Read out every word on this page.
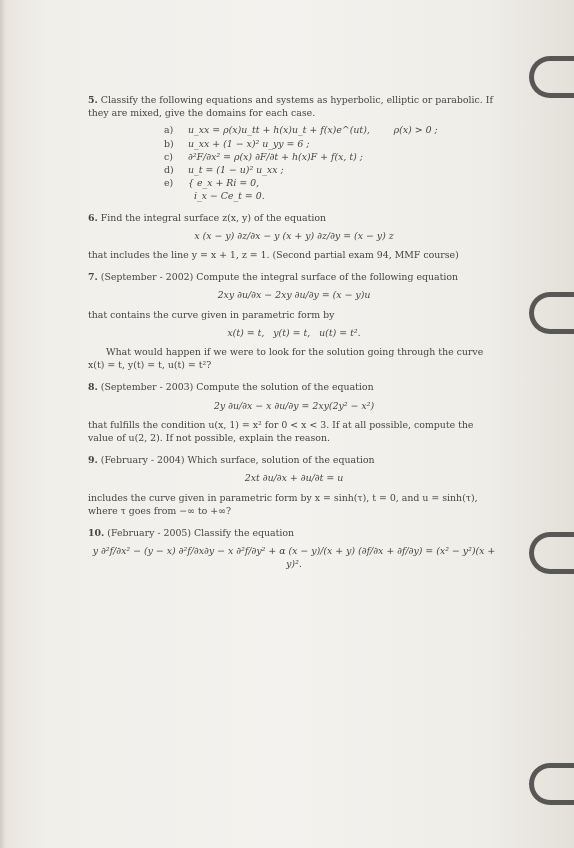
5. Classify the following equations and systems as hyperbolic, elliptic or parabolic. If they are mixed, give the domains for each case.

a)	u_xx = ρ(x)u_tt + h(x)u_t + f(x)e^(ut),        ρ(x) > 0 ;
b)	u_xx + (1 − x)² u_yy = 6 ;
c)	∂²F/∂x² = ρ(x) ∂F/∂t + h(x)F + f(x, t) ;
d)	u_t = (1 − u)² u_xx ;
e)	{ e_x + Ri = 0,
i_x − Ce_t = 0.

6. Find the integral surface z(x, y) of the equation

x (x − y) ∂z/∂x − y (x + y) ∂z/∂y = (x − y) z

that includes the line y = x + 1, z = 1. (Second partial exam 94, MMF course)

7. (September - 2002) Compute the integral surface of the following equation

2xy ∂u/∂x − 2xy ∂u/∂y = (x − y)u

that contains the curve given in parametric form by

x(t) = t,   y(t) = t,   u(t) = t².

What would happen if we were to look for the solution going through the curve x(t) = t, y(t) = t, u(t) = t²?

8. (September - 2003) Compute the solution of the equation

2y ∂u/∂x − x ∂u/∂y = 2xy(2y² − x²)

that fulfills the condition u(x, 1) = x² for 0 < x < 3. If at all possible, compute the value of u(2, 2). If not possible, explain the reason.

9. (February - 2004) Which surface, solution of the equation

2xt ∂u/∂x + ∂u/∂t = u

includes the curve given in parametric form by x = sinh(τ), t = 0, and u = sinh(τ), where τ goes from −∞ to +∞?

10. (February - 2005) Classify the equation

y ∂²f/∂x² − (y − x) ∂²f/∂x∂y − x ∂²f/∂y² + α (x − y)/(x + y) (∂f/∂x + ∂f/∂y) = (x² − y²)(x + y)².
